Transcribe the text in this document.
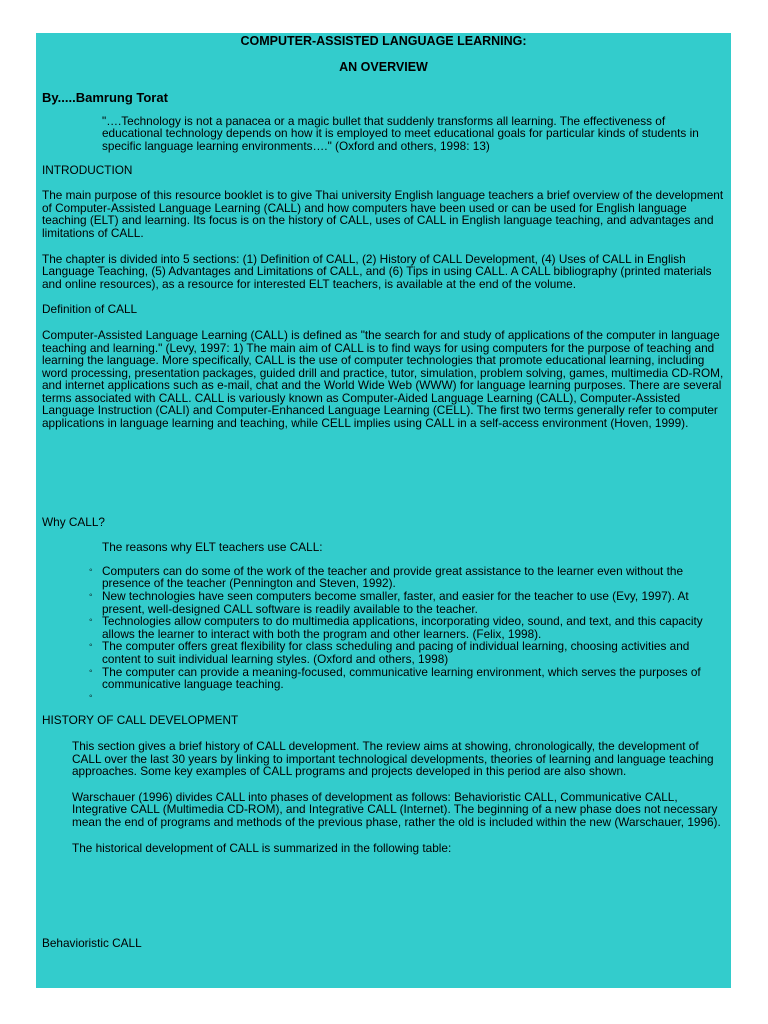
COMPUTER-ASSISTED LANGUAGE LEARNING:

AN OVERVIEW

By.....Bamrung Torat

"….Technology is not a panacea or a magic bullet that suddenly transforms all learning. The effectiveness of educational technology depends on how it is employed to meet educational goals for particular kinds of students in specific language learning environments…." (Oxford and others, 1998: 13)

INTRODUCTION

The main purpose of this resource booklet is to give Thai university English language teachers a brief overview of the development of Computer-Assisted Language Learning (CALL) and how computers have been used or can be used for English language teaching (ELT) and learning. Its focus is on the history of CALL, uses of CALL in English language teaching, and advantages and limitations of CALL.

The chapter is divided into 5 sections: (1) Definition of CALL, (2) History of CALL Development, (4) Uses of CALL in English Language Teaching, (5) Advantages and Limitations of CALL, and (6) Tips in using CALL. A CALL bibliography (printed materials and online resources), as a resource for interested ELT teachers, is available at the end of the volume.

Definition of CALL

Computer-Assisted Language Learning (CALL) is defined as "the search for and study of applications of the computer in language teaching and learning." (Levy, 1997: 1) The main aim of CALL is to find ways for using computers for the purpose of teaching and learning the language. More specifically, CALL is the use of computer technologies that promote educational learning, including word processing, presentation packages, guided drill and practice, tutor, simulation, problem solving, games, multimedia CD-ROM, and internet applications such as e-mail, chat and the World Wide Web (WWW) for language learning purposes. There are several terms associated with CALL. CALL is variously known as Computer-Aided Language Learning (CALL), Computer-Assisted Language Instruction (CALI) and Computer-Enhanced Language Learning (CELL). The first two terms generally refer to computer applications in language learning and teaching, while CELL implies using CALL in a self-access environment (Hoven, 1999).

Why CALL?

The reasons why ELT teachers use CALL:

◦ Computers can do some of the work of the teacher and provide great assistance to the learner even without the presence of the teacher (Pennington and Steven, 1992).
◦ New technologies have seen computers become smaller, faster, and easier for the teacher to use (Evy, 1997). At present, well-designed CALL software is readily available to the teacher.
◦ Technologies allow computers to do multimedia applications, incorporating video, sound, and text, and this capacity allows the learner to interact with both the program and other learners. (Felix, 1998).
◦ The computer offers great flexibility for class scheduling and pacing of individual learning, choosing activities and content to suit individual learning styles. (Oxford and others, 1998)
◦ The computer can provide a meaning-focused, communicative learning environment, which serves the purposes of communicative language teaching.
◦

HISTORY OF CALL DEVELOPMENT

This section gives a brief history of CALL development. The review aims at showing, chronologically, the development of CALL over the last 30 years by linking to important technological developments, theories of learning and language teaching approaches. Some key examples of CALL programs and projects developed in this period are also shown.

Warschauer (1996) divides CALL into phases of development as follows: Behavioristic CALL, Communicative CALL, Integrative CALL (Multimedia CD-ROM), and Integrative CALL (Internet). The beginning of a new phase does not necessary mean the end of programs and methods of the previous phase, rather the old is included within the new (Warschauer, 1996).

The historical development of CALL is summarized in the following table:

Behavioristic CALL
